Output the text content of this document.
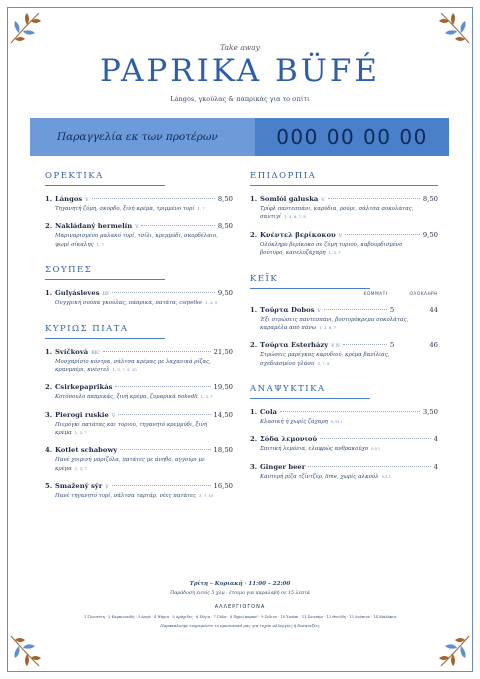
Take away
PAPRIKA BÜFÉ
Lángos, γκούλας & παπρικάς για το σπίτι
Παραγγελία εκ των προτέρων	000 00 00 00
ΟΡΕΚΤΙΚΑ
1. Lángos V	8,50
Τηγανητή ζύμη, σκόρδο, ξινή κρέμα, τριμμένο τυρί 1, 7
2. Nakládaný hermelín V	8,50
Μαριναρισμένο μαλακό τυρί, τσίλι, κρεμμύδι, σκορδέλαιο, ψωμί σίκαλης 1, 7
ΣΟΥΠΕΣ
1. Gulyásleves DF	9,50
Ουγγρική σούπα γκούλας, πάπρικα, πατάτα, csipetke 1, 3, 9
ΚΥΡΙΩΣ ΠΙΑΤΑ
1. Svíčková RIC	21,50
Μοσχαρίσιο κόντρα, σάλτσα κρέμας με λαχανικά ρίζας, κρανμπέρι, κνέντελ 1, 3, 7, 9, 10
2. Csirkepaprikás	19,50
Κοτόπουλο παπρικάς, ξινή κρέμα, ζυμαρικά nokedli 1, 3, 7
3. Pierogi ruskie V	14,50
Πιερόγκι πατάτας και τυριού, τηγανητό κρεμμύδι, ξινή κρέμα 1, 3, 7
4. Kotlet schabowy	18,50
Πανέ χοιρινή μπριζόλα, πατάτες με άνηθο, αγγούρι με κρέμα 1, 3, 7
5. Smažený sýr V	16,50
Πανέ τηγανητό τυρί, σάλτσα ταρτάρ, νέες πατάτες 3, 7, 10
ΕΠΙΔΟΡΠΙΑ
1. Somlói galuska V	8,50
Τρίφλ παντεσπάνι, καρύδια, ρούμι, σάλτσα σοκολάτας, σαντιγί 1, 3, 6, 7, 8
2. Κνέντελ βερίκοκου V	9,50
Ολόκληρο βερίκοκο σε ζύμη τυριού, καβουρδισμένο βούτυρο, κανελοζάχαρη 1, 3, 7
ΚΕΪΚ
ΚΟΜΜΑΤΙ	ΟΛΟΚΛΗΡΗ
1. Τούρτα Dobos V	5	44
Έξι στρώσεις παντεσπάνι, βουτυρόκρεμα σοκολάτας, καραμέλα από πάνω 1, 3, 6, 7
2. Τούρτα Esterházy V N	5	46
Στρώσεις μαρέγκας καρυδιού, κρέμα βανίλιας, σχεδιασμένο γλάσο 3, 7, 8
ΑΝΑΨΥΚΤΙΚΑ
1. Cola	3,50
Κλασική ή χωρίς ζάχαρη 0,33 l
2. Σόδα λεμονιού	4
Σπιτική λεμόνια, ελαφρώς ανθρακούχο 0,5 l
3. Ginger beer	4
Καυτερή ρίζα τζίντζερ, lime, χωρίς αλκοόλ 0,5 l
Τρίτη – Κυριακή · 11:00 – 22:00
Παράδοση εντός 5 χλμ · έτοιμο για παραλαβή σε 15 λεπτά
ΑΛΛΕΡΓΙΟΓΟΝΑ
1 Γλουτένη · 2 Καρκινοειδή · 3 Αυγά · 4 Ψάρια · 5 Αράχιδες · 6 Σόγια · 7 Γάλα · 8 Ξηροί καρποί · 9 Σέλινο · 10 Σινάπι · 11 Σουσάμι · 12 Θειώδη · 13 Λούπινο · 14 Μαλάκια
Παρακαλούμε ενημερώστε το προσωπικό μας για τυχόν αλλεργίες ή δυσανεξίες
